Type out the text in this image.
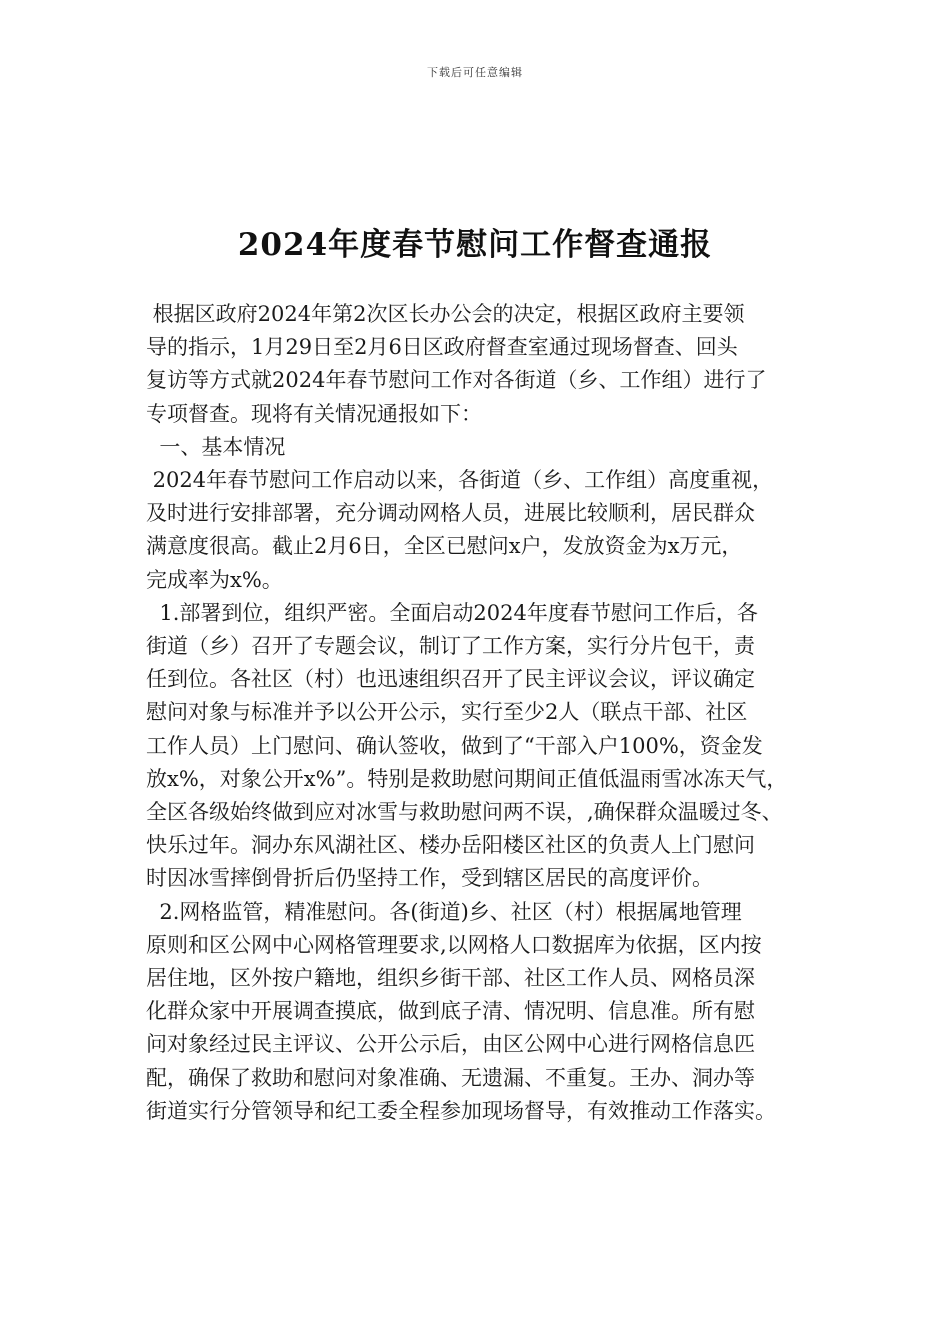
下载后可任意编辑
2024年度春节慰问工作督查通报

根据区政府2024年第2次区长办公会的决定，根据区政府主要领
导的指示，1月29日至2月6日区政府督查室通过现场督查、回头
复访等方式就2024年春节慰问工作对各街道（乡、工作组）进行了
专项督查。现将有关情况通报如下：

一、基本情况

2024年春节慰问工作启动以来，各街道（乡、工作组）高度重视，
及时进行安排部署，充分调动网格人员，进展比较顺利，居民群众
满意度很高。截止2月6日，全区已慰问x户，发放资金为x万元，
完成率为x%。

1.部署到位，组织严密。全面启动2024年度春节慰问工作后，各
街道（乡）召开了专题会议，制订了工作方案，实行分片包干，责
任到位。各社区（村）也迅速组织召开了民主评议会议，评议确定
慰问对象与标准并予以公开公示，实行至少2人（联点干部、社区
工作人员）上门慰问、确认签收，做到了“干部入户100%，资金发
放x%，对象公开x%”。特别是救助慰问期间正值低温雨雪冰冻天气，
全区各级始终做到应对冰雪与救助慰问两不误，,确保群众温暖过冬、
快乐过年。洞办东风湖社区、楼办岳阳楼区社区的负责人上门慰问
时因冰雪摔倒骨折后仍坚持工作，受到辖区居民的高度评价。

2.网格监管，精准慰问。各(街道)乡、社区（村）根据属地管理
原则和区公网中心网格管理要求,以网格人口数据库为依据，区内按
居住地，区外按户籍地，组织乡街干部、社区工作人员、网格员深
化群众家中开展调查摸底，做到底子清、情况明、信息准。所有慰
问对象经过民主评议、公开公示后，由区公网中心进行网格信息匹
配，确保了救助和慰问对象准确、无遗漏、不重复。王办、洞办等
街道实行分管领导和纪工委全程参加现场督导，有效推动工作落实。
